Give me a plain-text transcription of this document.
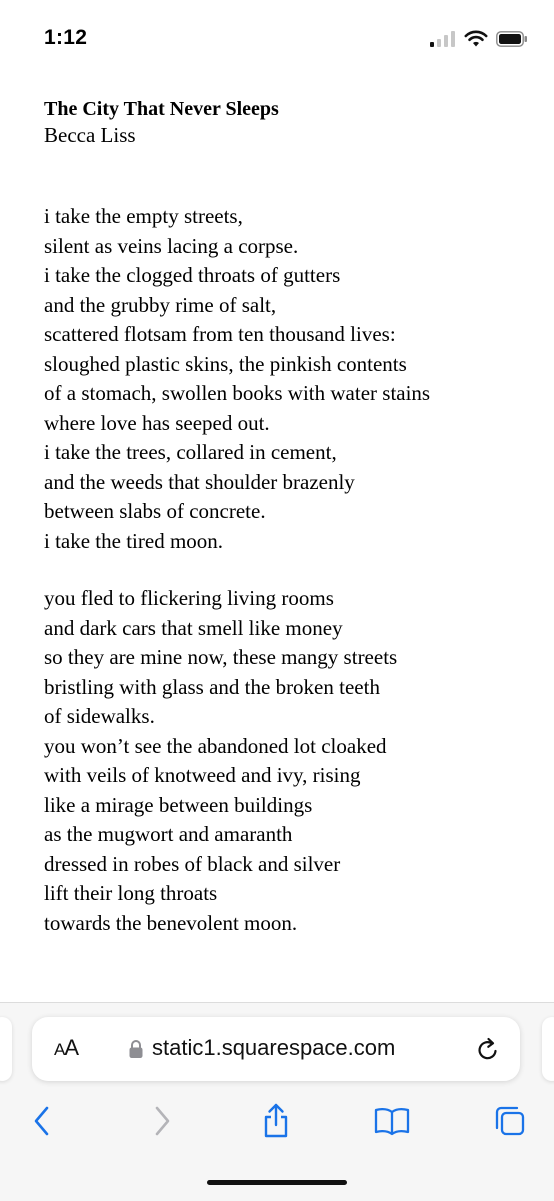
1:12

The City That Never Sleeps

Becca Liss

i take the empty streets,
silent as veins lacing a corpse.
i take the clogged throats of gutters
and the grubby rime of salt,
scattered flotsam from ten thousand lives:
sloughed plastic skins, the pinkish contents
of a stomach, swollen books with water stains
where love has seeped out.
i take the trees, collared in cement,
and the weeds that shoulder brazenly
between slabs of concrete.
i take the tired moon.
you fled to flickering living rooms
and dark cars that smell like money
so they are mine now, these mangy streets
bristling with glass and the broken teeth
of sidewalks.
you won’t see the abandoned lot cloaked
with veils of knotweed and ivy, rising
like a mirage between buildings
as the mugwort and amaranth
dressed in robes of black and silver
lift their long throats
towards the benevolent moon.
AA	static1.squarespace.com
